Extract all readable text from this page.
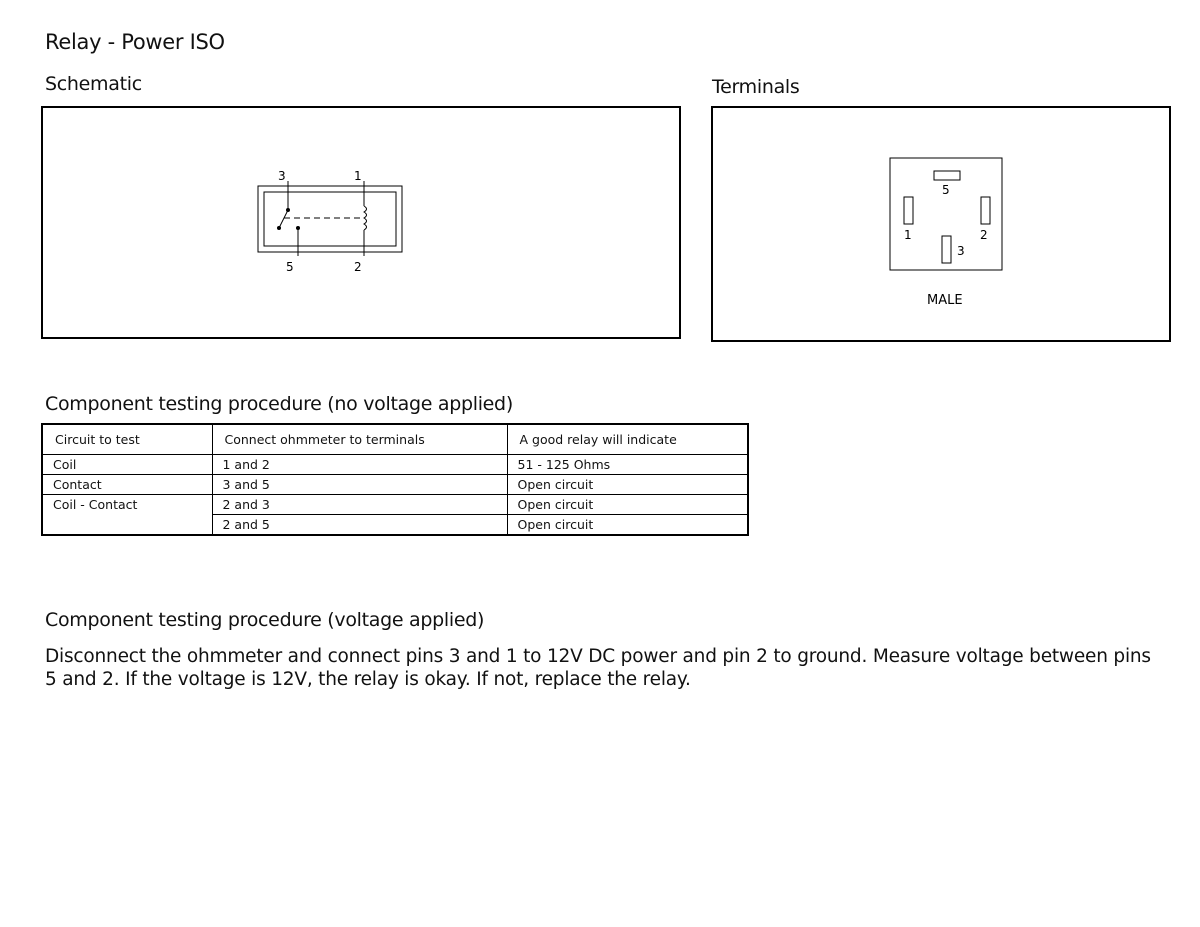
Relay - Power ISO
Schematic
3	1
5	2
Terminals
5
1	2
3
MALE
Component testing procedure (no voltage applied)
Circuit to test	Connect ohmmeter to terminals	A good relay will indicate
Coil	1 and 2	51 - 125 Ohms
Contact	3 and 5	Open circuit
Coil - Contact	2 and 3	Open circuit
	2 and 5	Open circuit
Component testing procedure (voltage applied)
Disconnect the ohmmeter and connect pins 3 and 1 to 12V DC power and pin 2 to ground. Measure voltage between pins 5 and 2. If the voltage is 12V, the relay is okay. If not, replace the relay.
